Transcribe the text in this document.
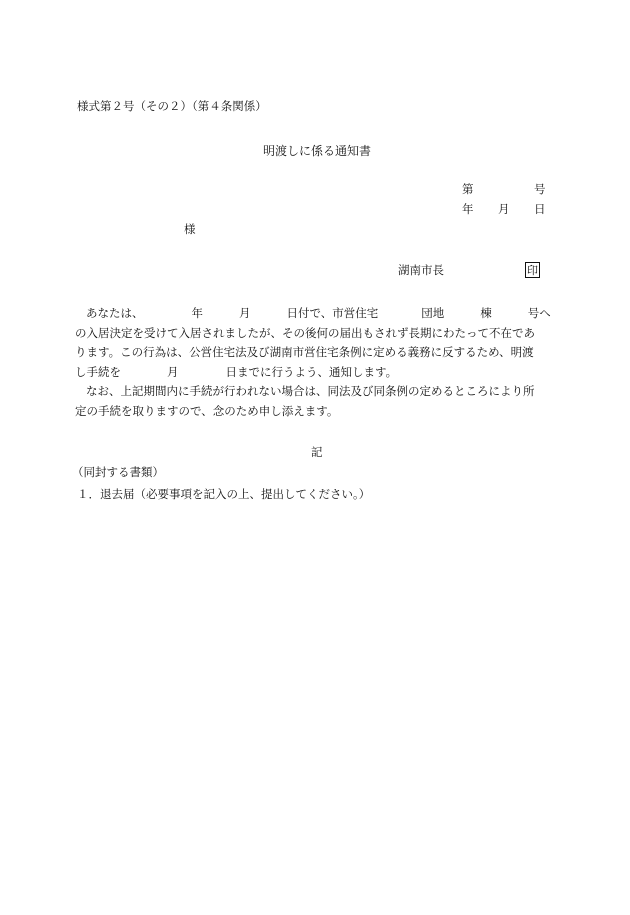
様式第２号（その２）（第４条関係）
明渡しに係る通知書
第	号
年 月 日
様
湖南市長	印

あなたは、	年	月	日付で、市営住宅	団地	棟	号へ
の入居決定を受けて入居されましたが、その後何の届出もされず長期にわたって不在であ
ります。この行為は、公営住宅法及び湖南市営住宅条例に定める義務に反するため、明渡
し手続を	月	日までに行うよう、通知します。

なお、上記期間内に手続が行われない場合は、同法及び同条例の定めるところにより所
定の手続を取りますので、念のため申し添えます。

記
（同封する書類）
１．退去届（必要事項を記入の上、提出してください。）
